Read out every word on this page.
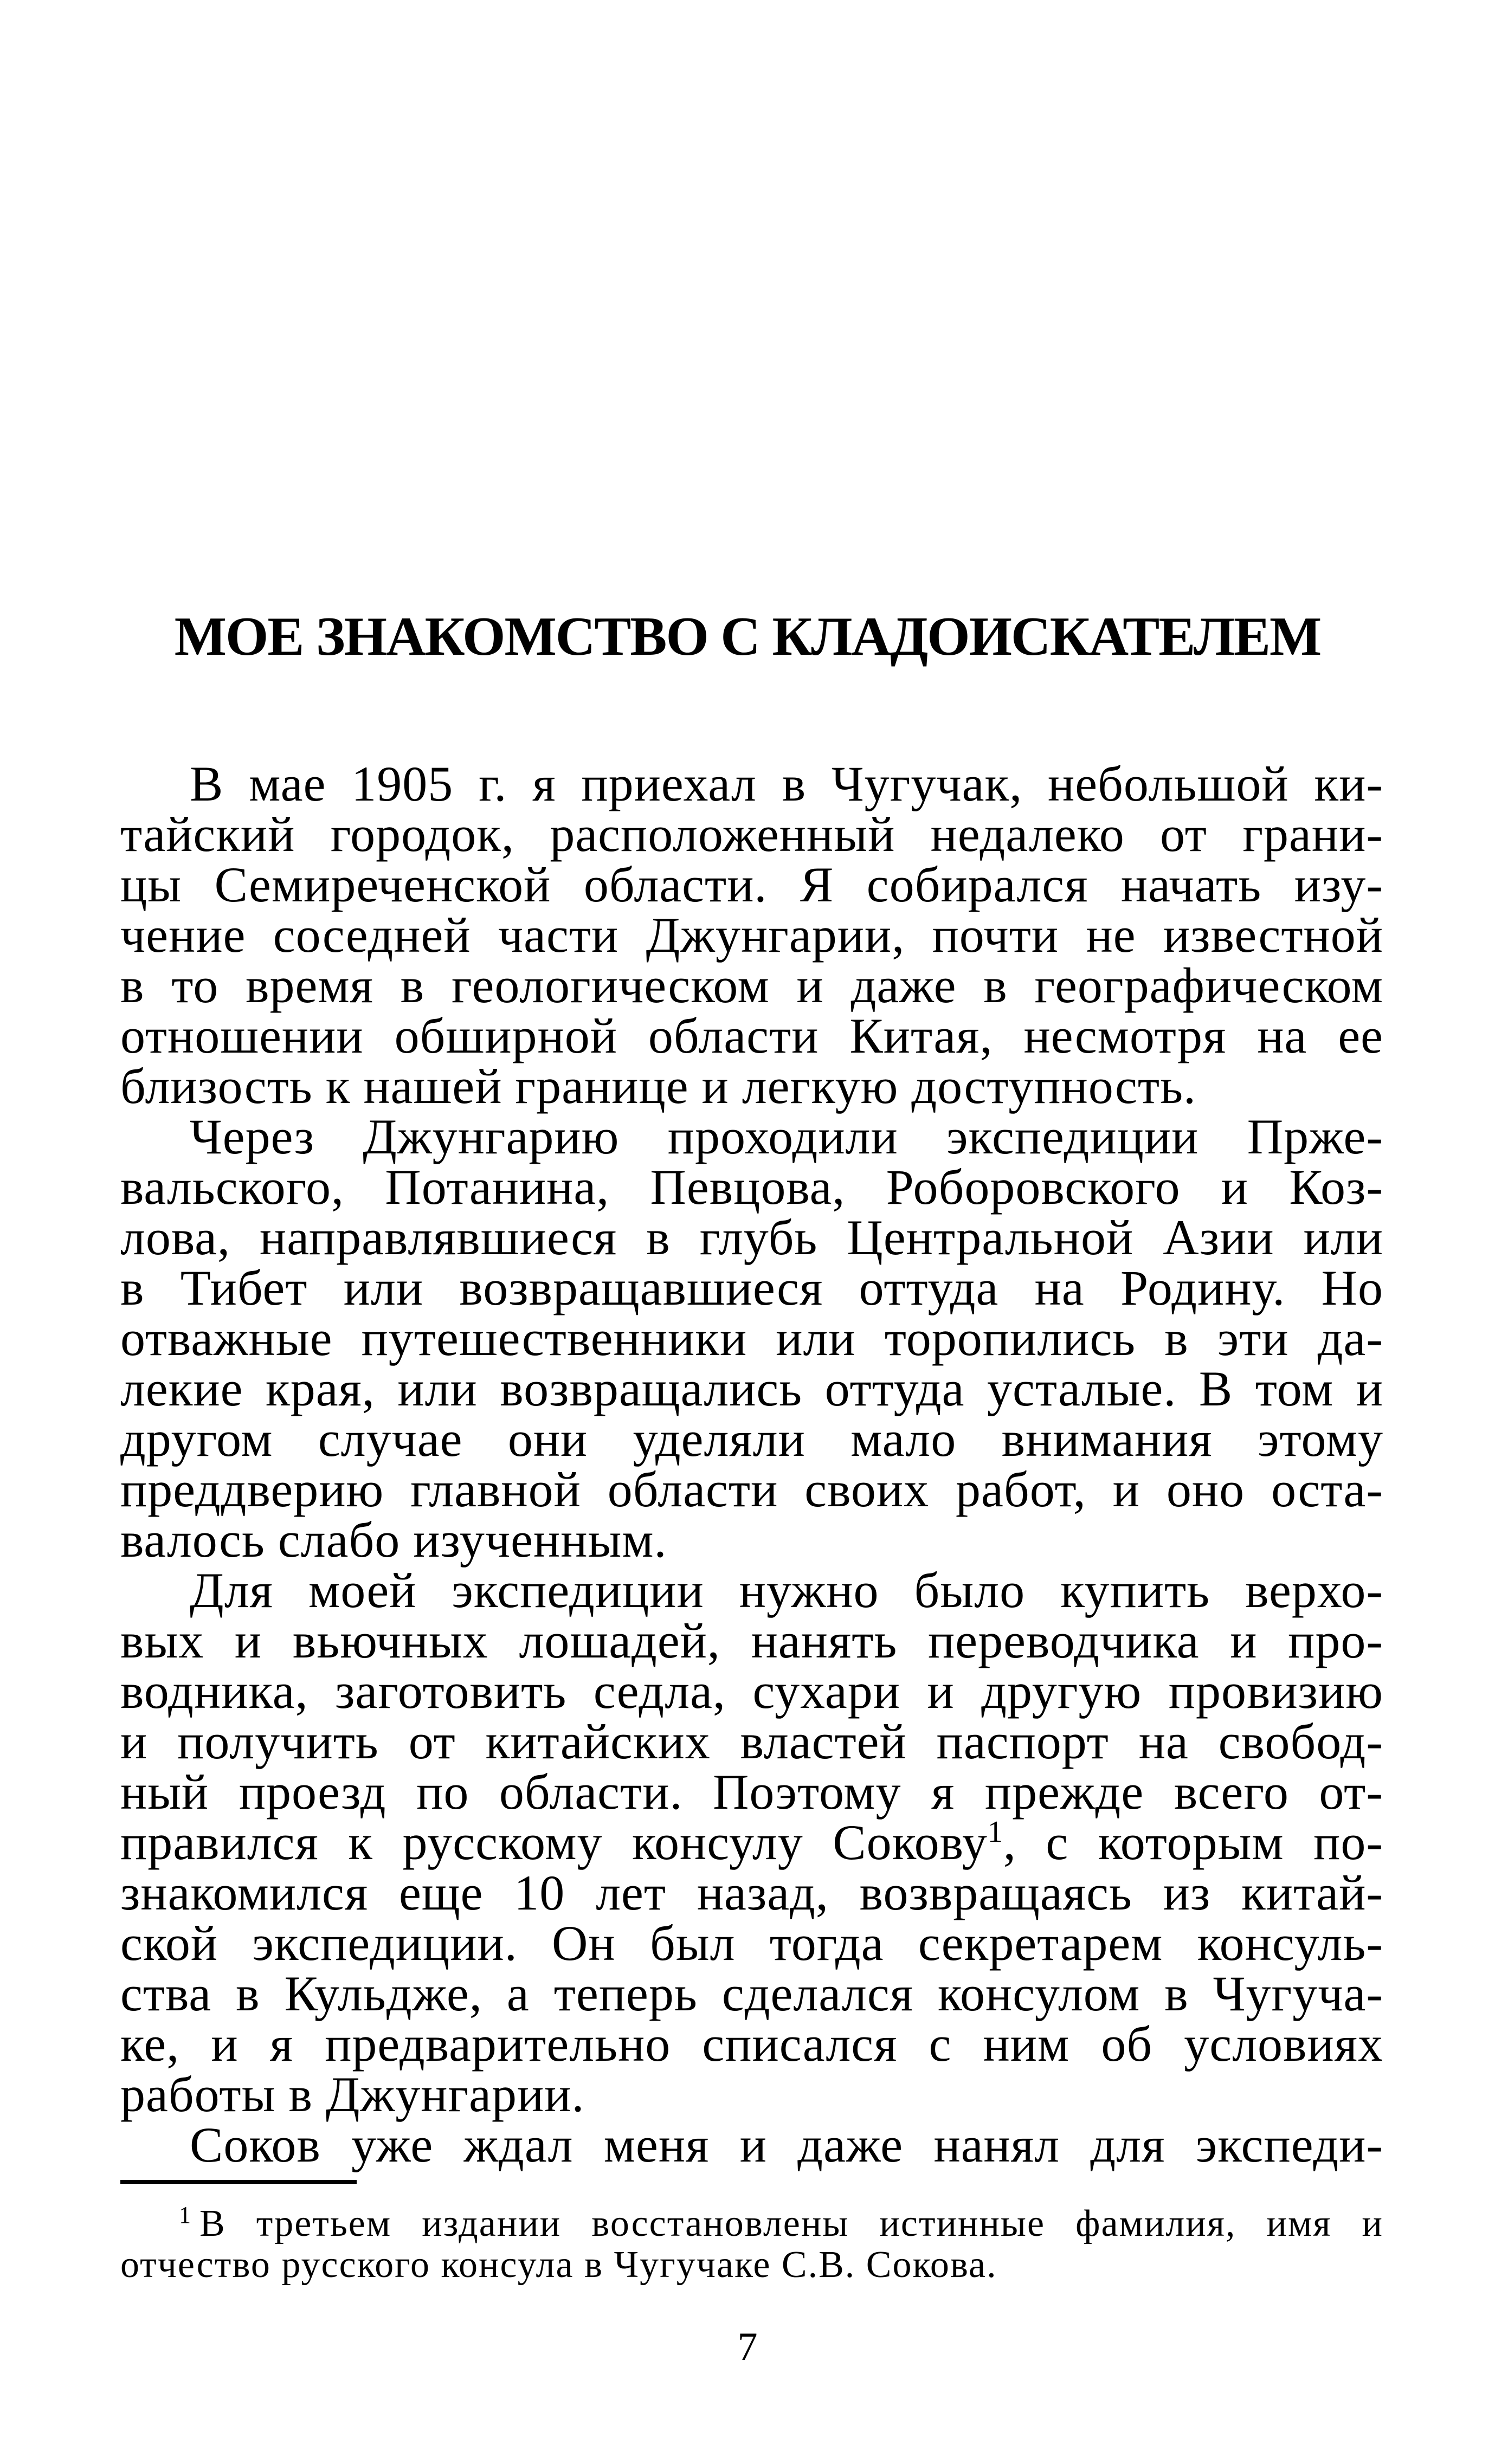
МОЕ ЗНАКОМСТВО С КЛАДОИСКАТЕЛЕМ
В мае 1905 г. я приехал в Чугучак, небольшой ки-
тайский городок, расположенный недалеко от грани-
цы Семиреченской области. Я собирался начать изу-
чение соседней части Джунгарии, почти не известной
в то время в геологическом и даже в географическом
отношении обширной области Китая, несмотря на ее
близость к нашей границе и легкую доступность.
Через Джунгарию проходили экспедиции Прже-
вальского, Потанина, Певцова, Роборовского и Коз-
лова, направлявшиеся в глубь Центральной Азии или
в Тибет или возвращавшиеся оттуда на Родину. Но
отважные путешественники или торопились в эти да-
лекие края, или возвращались оттуда усталые. В том и
другом случае они уделяли мало внимания этому
преддверию главной области своих работ, и оно оста-
валось слабо изученным.
Для моей экспедиции нужно было купить верхо-
вых и вьючных лошадей, нанять переводчика и про-
водника, заготовить седла, сухари и другую провизию
и получить от китайских властей паспорт на свобод-
ный проезд по области. Поэтому я прежде всего от-
правился к русскому консулу Сокову$^1$, с которым по-
знакомился еще 10 лет назад, возвращаясь из китай-
ской экспедиции. Он был тогда секретарем консуль-
ства в Кульдже, а теперь сделался консулом в Чугуча-
ке, и я предварительно списался с ним об условиях
работы в Джунгарии.
Соков уже ждал меня и даже нанял для экспеди-
$^1$ В третьем издании восстановлены истинные фамилия, имя и
отчество русского консула в Чугучаке С.В. Сокова.
7
